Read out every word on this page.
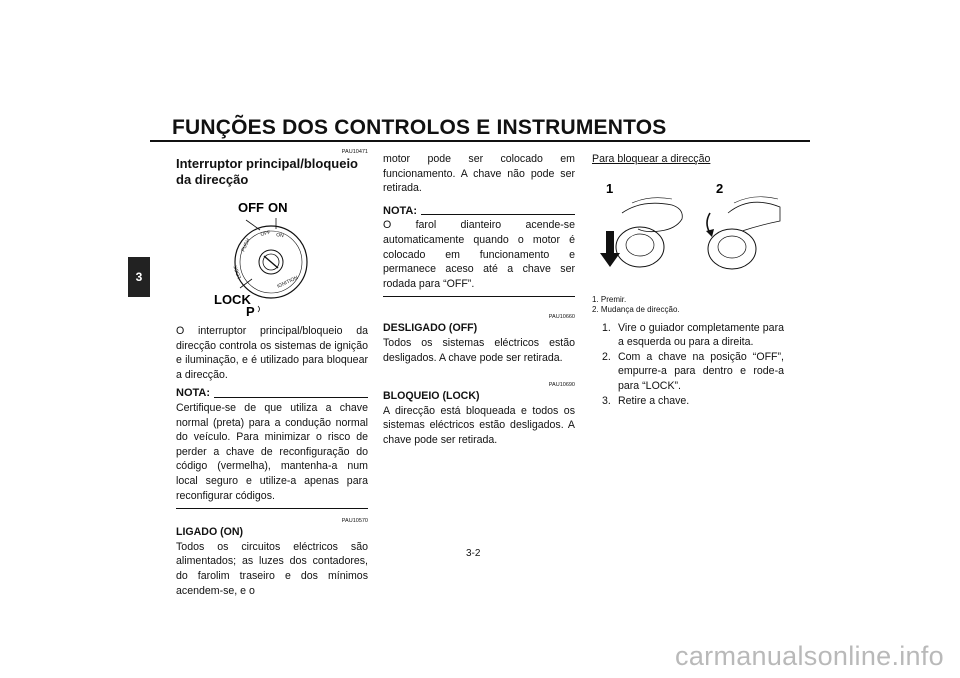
FUNÇÕES DOS CONTROLOS E INSTRUMENTOS
3

PAU10471

Interruptor principal/bloqueio da direcção

OFF ON
PUSH
OFF ON
LOCK
IGNITION
LOCK
P

O interruptor principal/bloqueio da direcção controla os sistemas de ignição e iluminação, e é utilizado para bloquear a direcção.

NOTA:

Certifique-se de que utiliza a chave normal (preta) para a condução normal do veículo. Para minimizar o risco de perder a chave de reconfiguração do código (vermelha), mantenha-a num local seguro e utilize-a apenas para reconfigurar códigos.

PAU10570

LIGADO (ON)

Todos os circuitos eléctricos são alimentados; as luzes dos contadores, do farolim traseiro e dos mínimos acendem-se, e o

motor pode ser colocado em funcionamento. A chave não pode ser retirada.

NOTA:

O farol dianteiro acende-se automaticamente quando o motor é colocado em funcionamento e permanece aceso até a chave ser rodada para “OFF”.

PAU10660

DESLIGADO (OFF)

Todos os sistemas eléctricos estão desligados. A chave pode ser retirada.

PAU10690

BLOQUEIO (LOCK)

A direcção está bloqueada e todos os sistemas eléctricos estão desligados. A chave pode ser retirada.

Para bloquear a direcção

1	2
1. Premir.
2. Mudança de direcção.
1. Vire o guiador completamente para a esquerda ou para a direita.
2. Com a chave na posição “OFF”, empurre-a para dentro e rode-a para “LOCK”.
3. Retire a chave.
3-2
carmanualsonline.info
